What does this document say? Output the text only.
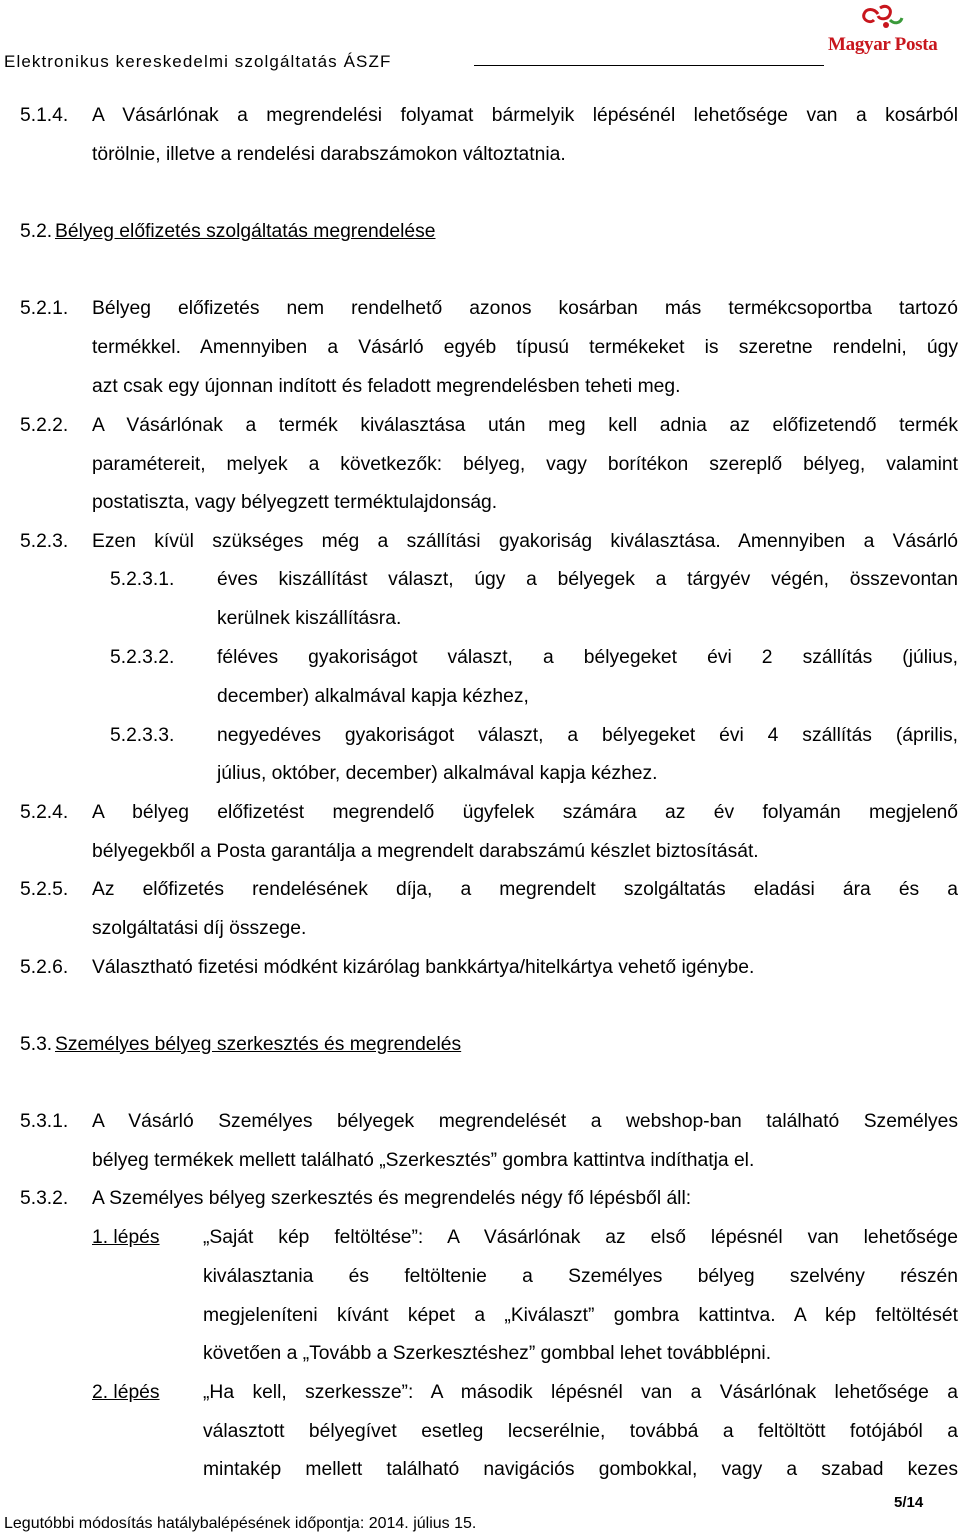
Elektronikus kereskedelmi szolgáltatás ÁSZF
Magyar Posta
5.1.4. A Vásárlónak a megrendelési folyamat bármelyik lépésénél lehetősége van a kosárból
törölnie, illetve a rendelési darabszámokon változtatnia.
5.2. Bélyeg előfizetés szolgáltatás megrendelése
5.2.1. Bélyeg előfizetés nem rendelhető azonos kosárban más termékcsoportba tartozó
termékkel. Amennyiben a Vásárló egyéb típusú termékeket is szeretne rendelni, úgy
azt csak egy újonnan indított és feladott megrendelésben teheti meg.
5.2.2. A Vásárlónak a termék kiválasztása után meg kell adnia az előfizetendő termék
paramétereit, melyek a következők: bélyeg, vagy borítékon szereplő bélyeg, valamint
postatiszta, vagy bélyegzett terméktulajdonság.
5.2.3. Ezen kívül szükséges még a szállítási gyakoriság kiválasztása. Amennyiben a Vásárló
5.2.3.1. éves kiszállítást választ, úgy a bélyegek a tárgyév végén, összevontan
kerülnek kiszállításra.
5.2.3.2. féléves gyakoriságot választ, a bélyegeket évi 2 szállítás (július,
december) alkalmával kapja kézhez,
5.2.3.3. negyedéves gyakoriságot választ, a bélyegeket évi 4 szállítás (április,
július, október, december) alkalmával kapja kézhez.
5.2.4. A bélyeg előfizetést megrendelő ügyfelek számára az év folyamán megjelenő
bélyegekből a Posta garantálja a megrendelt darabszámú készlet biztosítását.
5.2.5. Az előfizetés rendelésének díja, a megrendelt szolgáltatás eladási ára és a
szolgáltatási díj összege.
5.2.6. Választható fizetési módként kizárólag bankkártya/hitelkártya vehető igénybe.
5.3. Személyes bélyeg szerkesztés és megrendelés
5.3.1. A Vásárló Személyes bélyegek megrendelését a webshop-ban található Személyes
bélyeg termékek mellett található „Szerkesztés” gombra kattintva indíthatja el.
5.3.2. A Személyes bélyeg szerkesztés és megrendelés négy fő lépésből áll:
1. lépés „Saját kép feltöltése”: A Vásárlónak az első lépésnél van lehetősége
kiválasztania és feltöltenie a Személyes bélyeg szelvény részén
megjeleníteni kívánt képet a „Kiválaszt” gombra kattintva. A kép feltöltését
követően a „Tovább a Szerkesztéshez” gombbal lehet továbblépni.
2. lépés „Ha kell, szerkessze”: A második lépésnél van a Vásárlónak lehetősége a
választott bélyegívet esetleg lecserélnie, továbbá a feltöltött fotójából a
mintakép mellett található navigációs gombokkal, vagy a szabad kezes
5/14
Legutóbbi módosítás hatálybalépésének időpontja: 2014. július 15.
